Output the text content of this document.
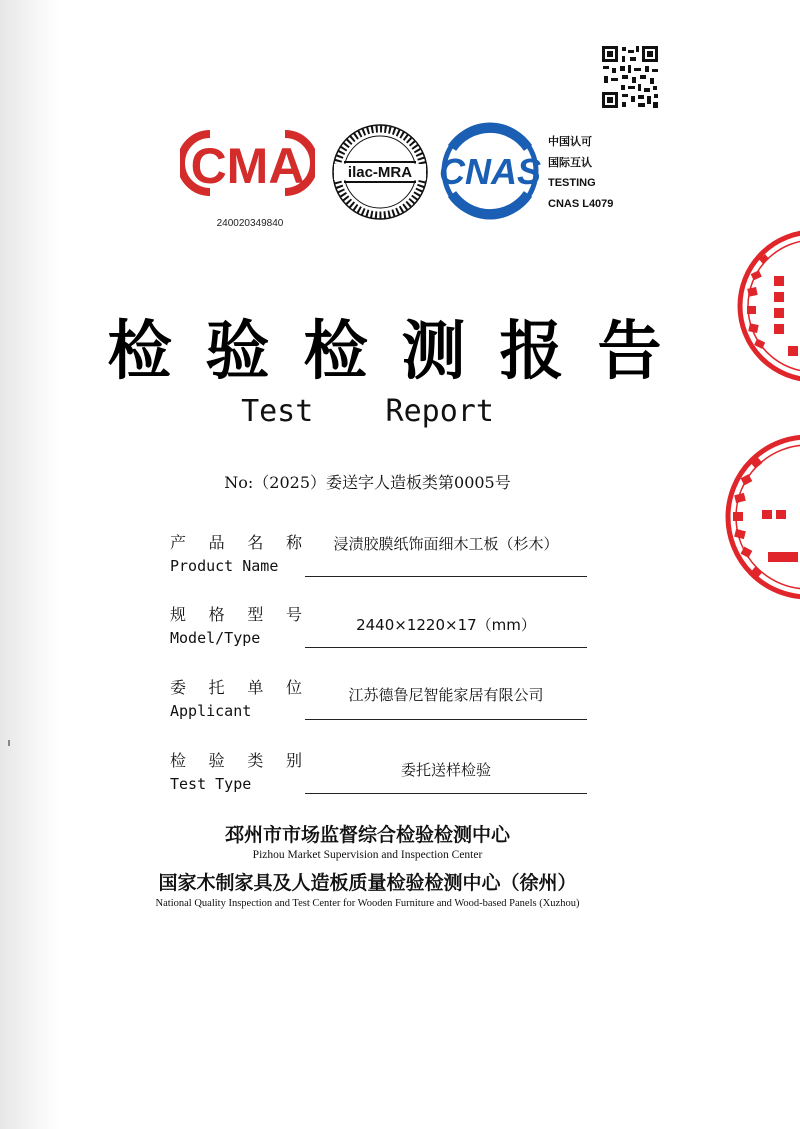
CMA
240020349840
ilac-MRA CNAS
中国认可
国际互认
TESTING
CNAS L4079
检验检测报告
Test    Report
No:（2025）委送字人造板类第0005号
产 品 名 称
Product Name
浸渍胶膜纸饰面细木工板（杉木）
规 格 型 号
Model/Type
2440×1220×17（mm）
委 托 单 位
Applicant
江苏德鲁尼智能家居有限公司
检 验 类 别
Test Type
委托送样检验
邳州市市场监督综合检验检测中心
Pizhou Market Supervision and Inspection Center
国家木制家具及人造板质量检验检测中心（徐州）
National Quality Inspection and Test Center for Wooden Furniture and Wood-based Panels (Xuzhou)
